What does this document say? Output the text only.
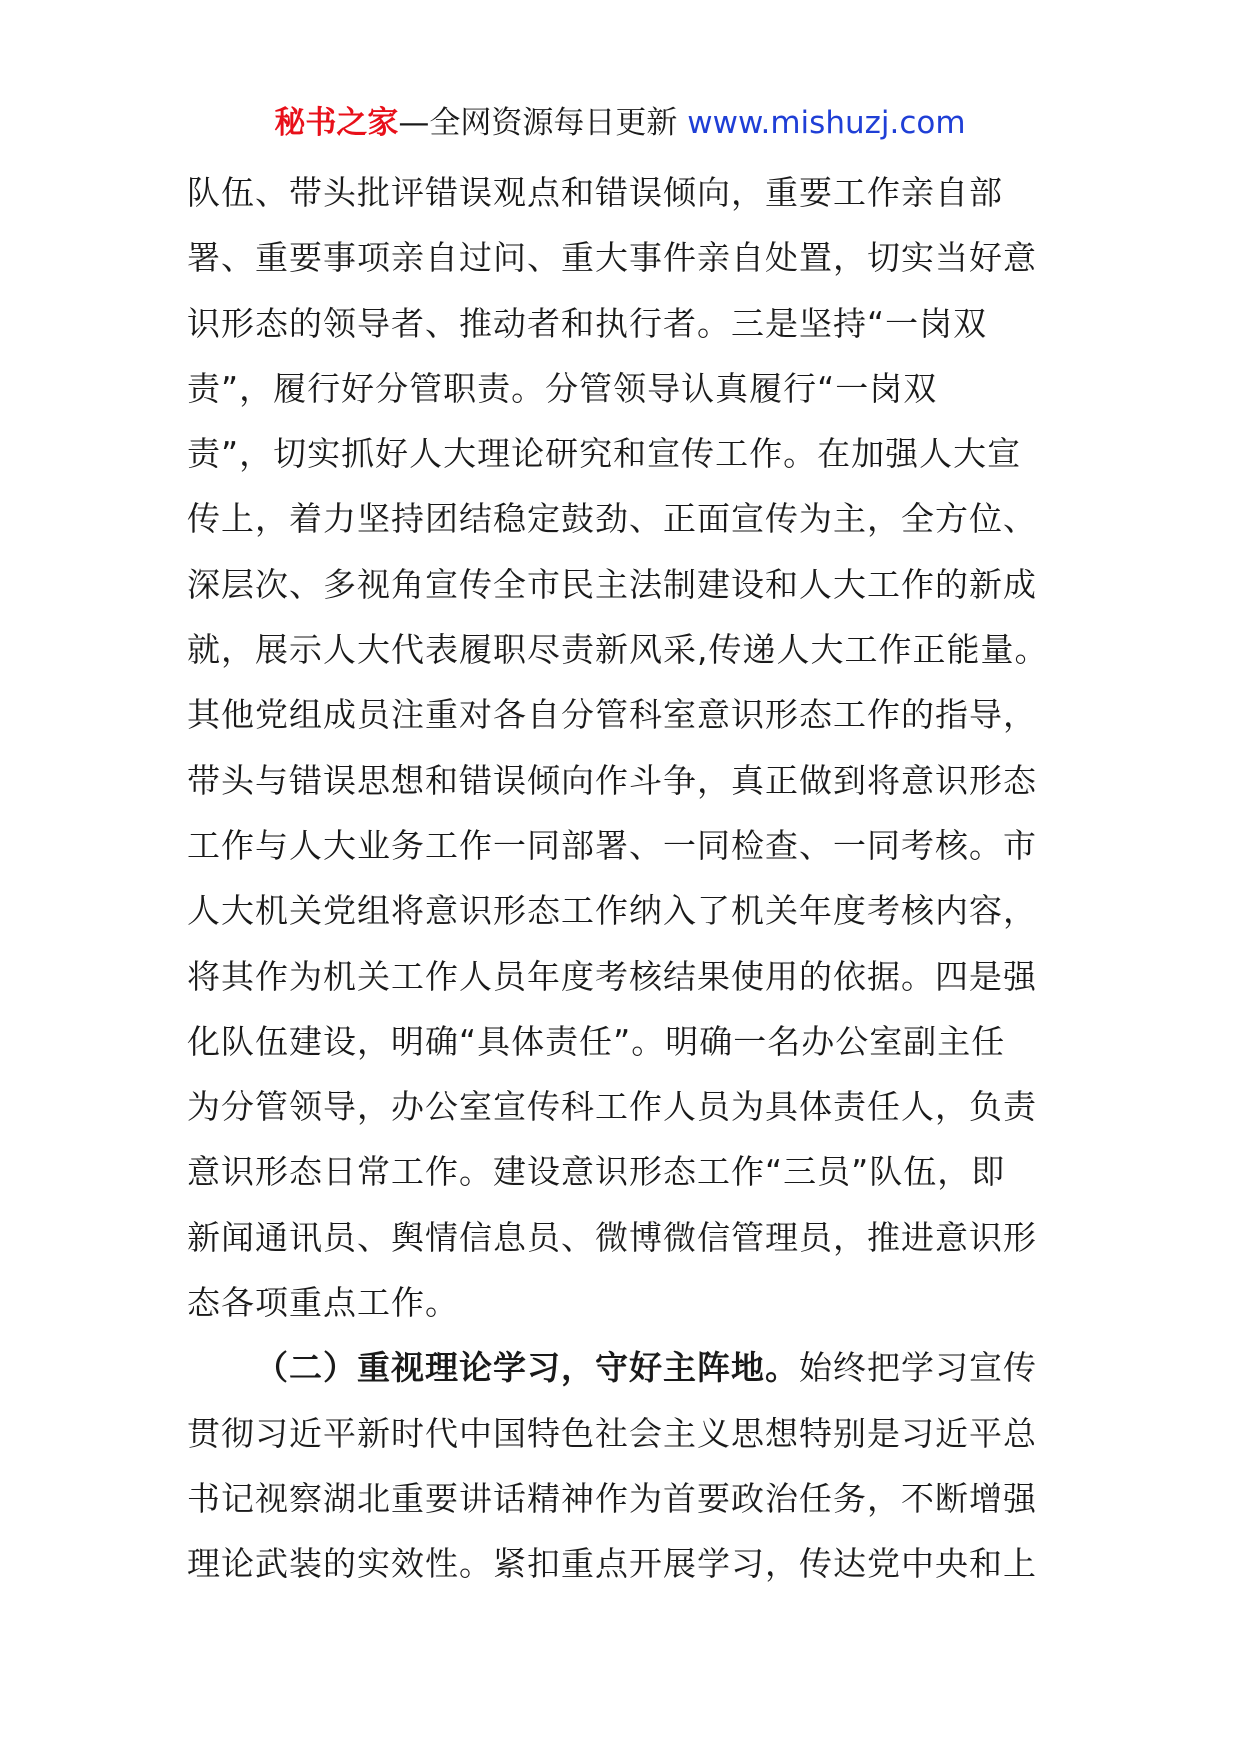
秘书之家—全网资源每日更新 www.mishuzj.com

队伍、带头批评错误观点和错误倾向，重要工作亲自部
署、重要事项亲自过问、重大事件亲自处置，切实当好意
识形态的领导者、推动者和执行者。三是坚持“一岗双
责”，履行好分管职责。分管领导认真履行“一岗双
责”，切实抓好人大理论研究和宣传工作。在加强人大宣
传上，着力坚持团结稳定鼓劲、正面宣传为主，全方位、
深层次、多视角宣传全市民主法制建设和人大工作的新成
就，展示人大代表履职尽责新风采,传递人大工作正能量。
其他党组成员注重对各自分管科室意识形态工作的指导，
带头与错误思想和错误倾向作斗争，真正做到将意识形态
工作与人大业务工作一同部署、一同检查、一同考核。市
人大机关党组将意识形态工作纳入了机关年度考核内容，
将其作为机关工作人员年度考核结果使用的依据。四是强
化队伍建设，明确“具体责任”。明确一名办公室副主任
为分管领导，办公室宣传科工作人员为具体责任人，负责
意识形态日常工作。建设意识形态工作“三员”队伍，即
新闻通讯员、舆情信息员、微博微信管理员，推进意识形
态各项重点工作。

（二）重视理论学习，守好主阵地。始终把学习宣传
贯彻习近平新时代中国特色社会主义思想特别是习近平总
书记视察湖北重要讲话精神作为首要政治任务，不断增强
理论武装的实效性。紧扣重点开展学习，传达党中央和上
